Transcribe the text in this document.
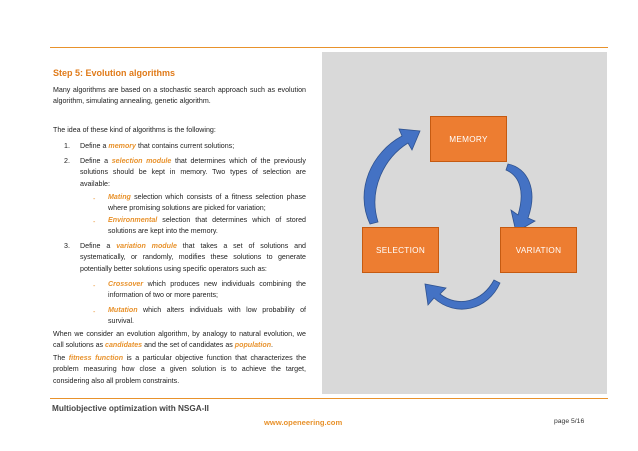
Step 5: Evolution algorithms
Many algorithms are based on a stochastic search approach such as evolution algorithm, simulating annealing, genetic algorithm.
The idea of these kind of algorithms is the following:
1. Define a memory that contains current solutions;
2. Define a selection module that determines which of the previously solutions should be kept in memory. Two types of selection are available:
- Mating selection which consists of a fitness selection phase where promising solutions are picked for variation;
- Environmental selection that determines which of stored solutions are kept into the memory.
3. Define a variation module that takes a set of solutions and systematically, or randomly, modifies these solutions to generate potentially better solutions using specific operators such as:
- Crossover which produces new individuals combining the information of two or more parents;
- Mutation which alters individuals with low probability of survival.
When we consider an evolution algorithm, by analogy to natural evolution, we call solutions as candidates and the set of candidates as population.
The fitness function is a particular objective function that characterizes the problem measuring how close a given solution is to achieve the target, considering also all problem constraints.
MEMORY
SELECTION	VARIATION
Multiobjective optimization with NSGA-II
www.openeering.com	page 5/16
